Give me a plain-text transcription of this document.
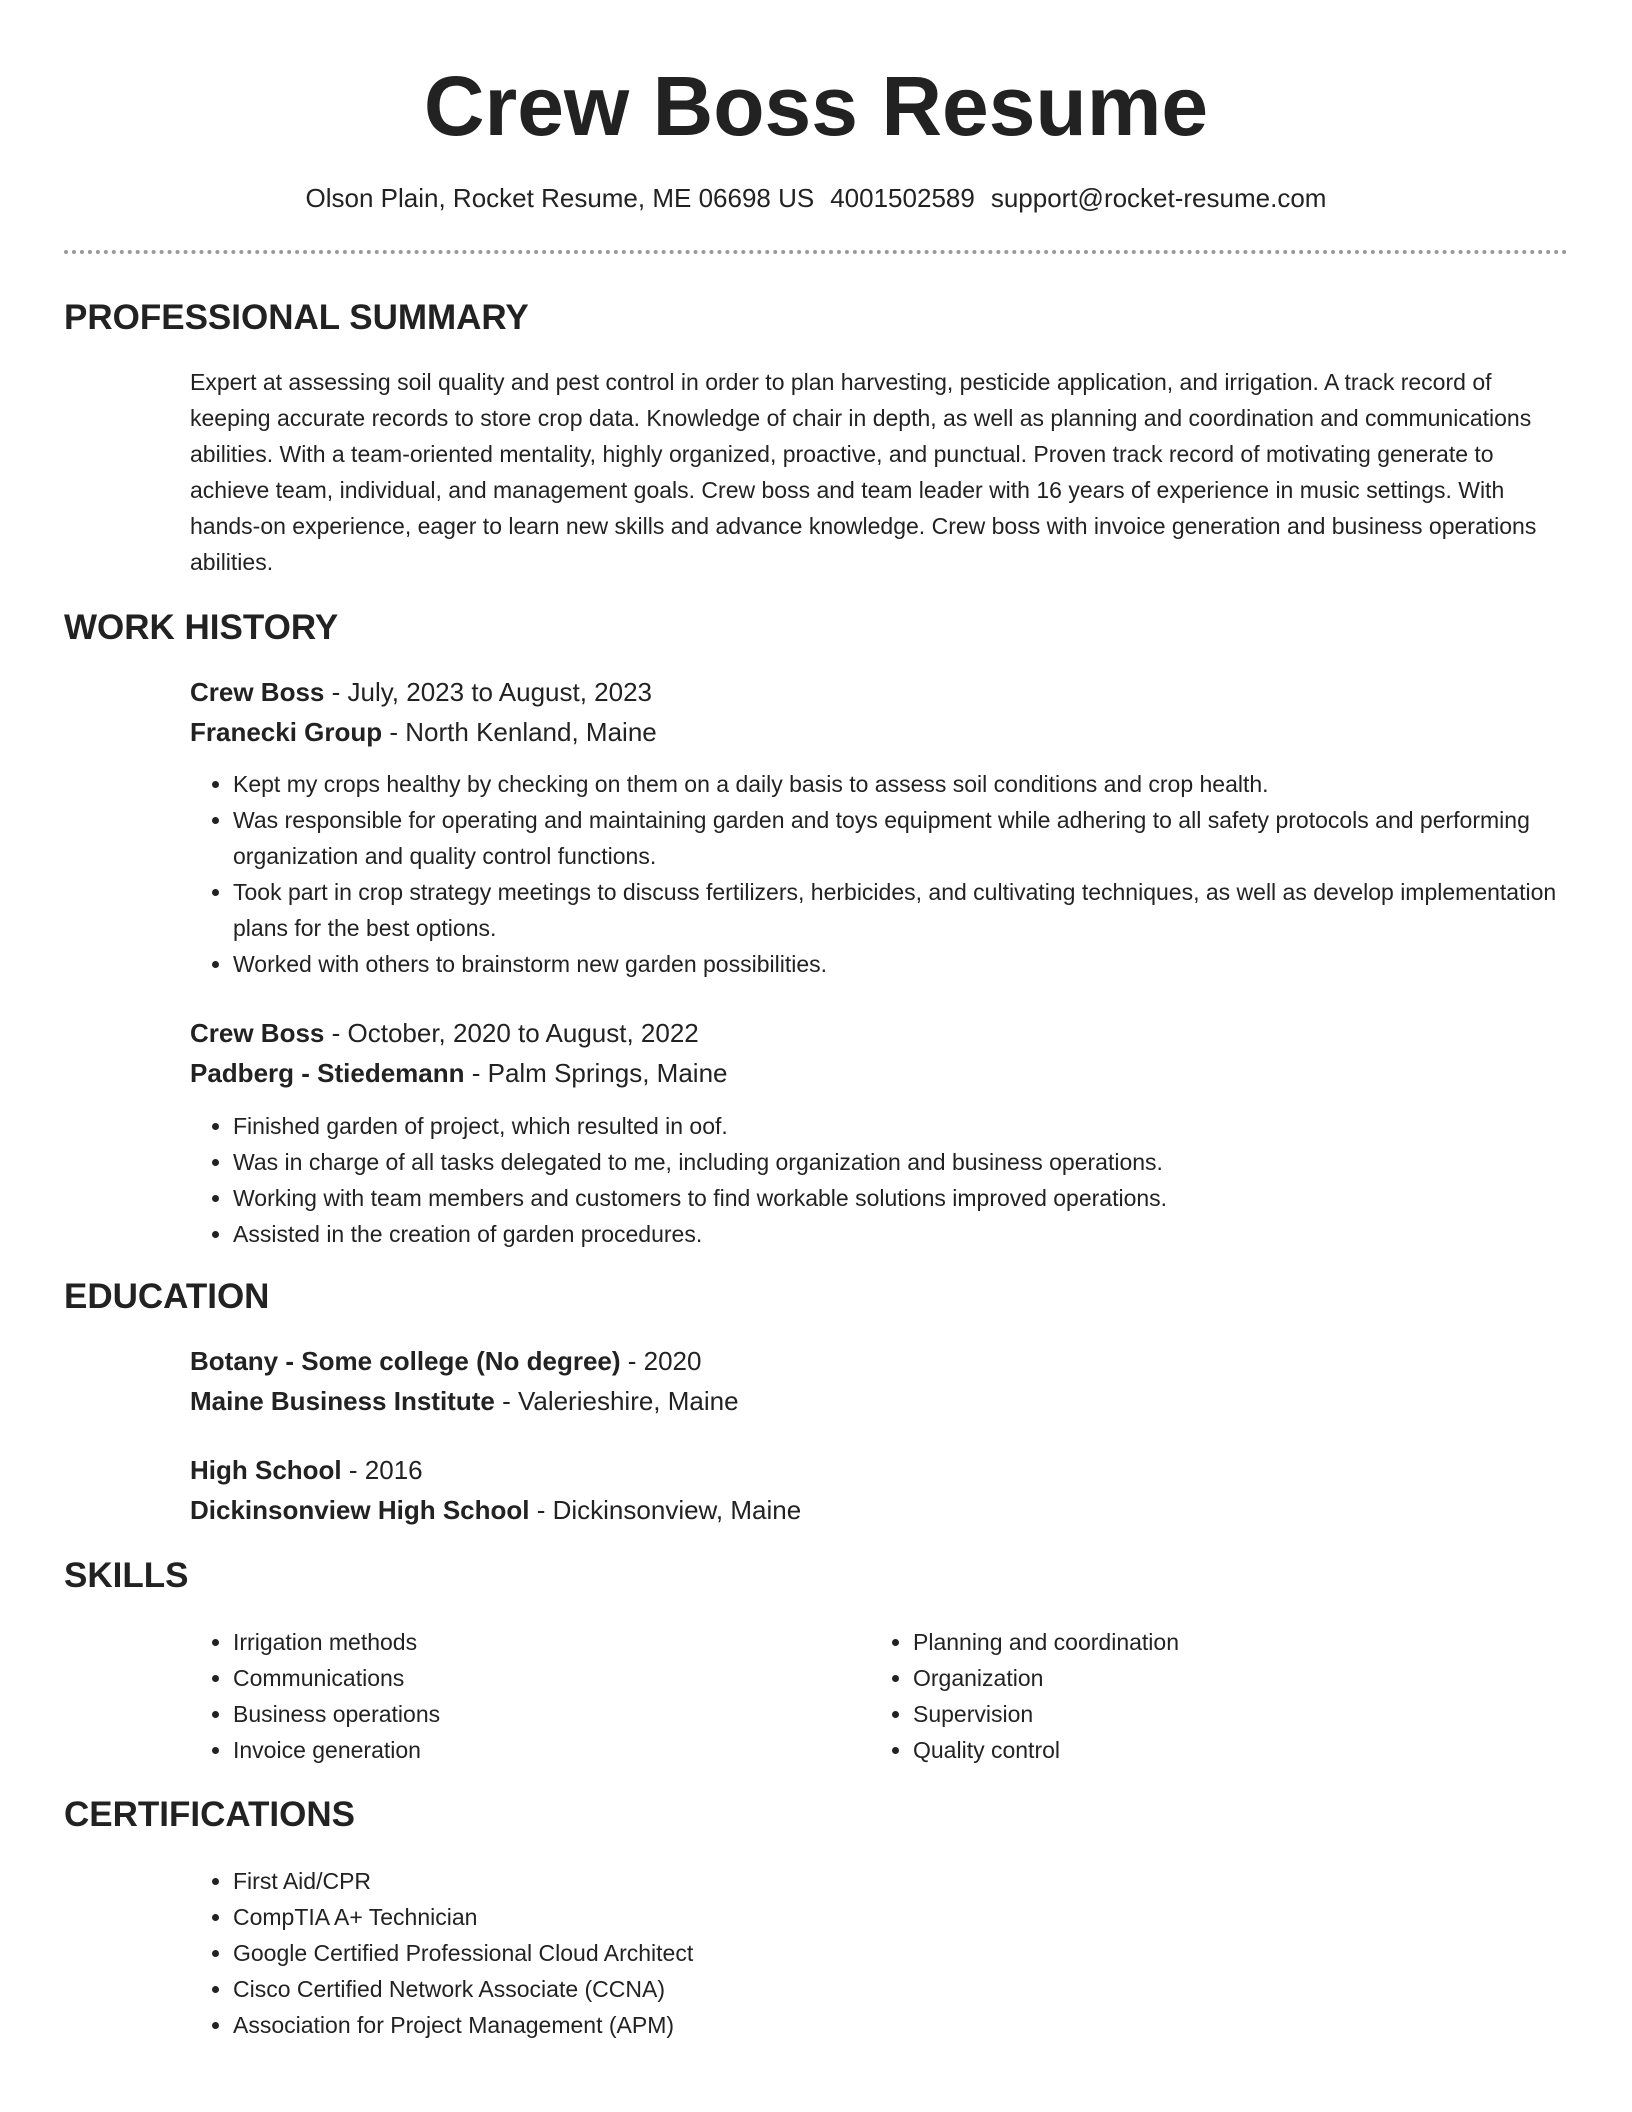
Crew Boss Resume
Olson Plain, Rocket Resume, ME 06698 US 4001502589 support@rocket-resume.com
PROFESSIONAL SUMMARY

Expert at assessing soil quality and pest control in order to plan harvesting, pesticide application, and irrigation. A track record of keeping accurate records to store crop data. Knowledge of chair in depth, as well as planning and coordination and communications abilities. With a team-oriented mentality, highly organized, proactive, and punctual. Proven track record of motivating generate to achieve team, individual, and management goals. Crew boss and team leader with 16 years of experience in music settings. With hands-on experience, eager to learn new skills and advance knowledge. Crew boss with invoice generation and business operations abilities.

WORK HISTORY
Crew Boss - July, 2023 to August, 2023
Franecki Group - North Kenland, Maine
• Kept my crops healthy by checking on them on a daily basis to assess soil conditions and crop health.
• Was responsible for operating and maintaining garden and toys equipment while adhering to all safety protocols and performing organization and quality control functions.
• Took part in crop strategy meetings to discuss fertilizers, herbicides, and cultivating techniques, as well as develop implementation plans for the best options.
• Worked with others to brainstorm new garden possibilities.
Crew Boss - October, 2020 to August, 2022
Padberg - Stiedemann - Palm Springs, Maine
• Finished garden of project, which resulted in oof.
• Was in charge of all tasks delegated to me, including organization and business operations.
• Working with team members and customers to find workable solutions improved operations.
• Assisted in the creation of garden procedures.
EDUCATION
Botany - Some college (No degree) - 2020
Maine Business Institute - Valerieshire, Maine
High School - 2016
Dickinsonview High School - Dickinsonview, Maine
SKILLS
• Irrigation methods
• Communications
• Business operations
• Invoice generation
• Planning and coordination
• Organization
• Supervision
• Quality control
CERTIFICATIONS
• First Aid/CPR
• CompTIA A+ Technician
• Google Certified Professional Cloud Architect
• Cisco Certified Network Associate (CCNA)
• Association for Project Management (APM)
